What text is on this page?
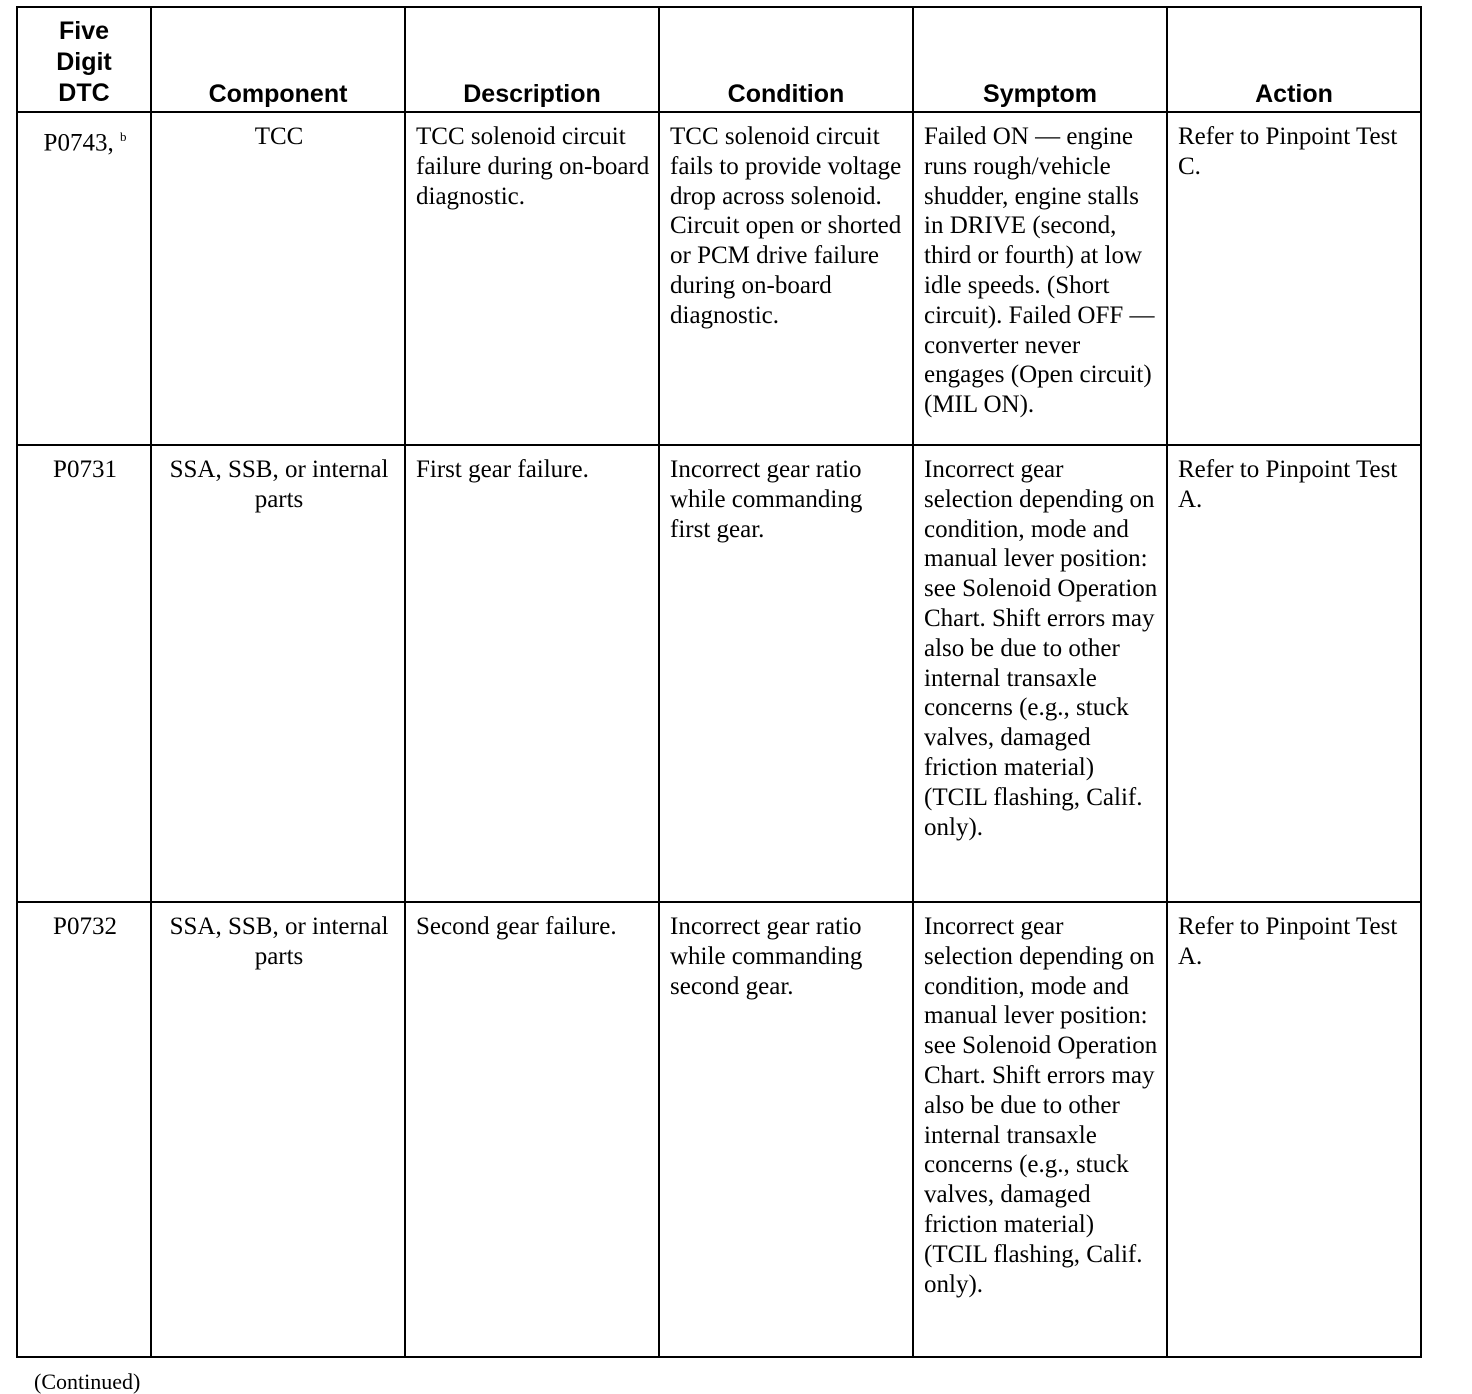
Five Digit DTC	Component	Description	Condition	Symptom	Action
P0743, $^b$	TCC	TCC solenoid circuit failure during on-board diagnostic.	TCC solenoid circuit fails to provide voltage drop across solenoid. Circuit open or shorted or PCM drive failure during on-board diagnostic.	Failed ON — engine runs rough/vehicle shudder, engine stalls in DRIVE (second, third or fourth) at low idle speeds. (Short circuit). Failed OFF — converter never engages (Open circuit) (MIL ON).	Refer to Pinpoint Test C.
P0731	SSA, SSB, or internal parts	First gear failure.	Incorrect gear ratio while commanding first gear.	Incorrect gear selection depending on condition, mode and manual lever position: see Solenoid Operation Chart. Shift errors may also be due to other internal transaxle concerns (e.g., stuck valves, damaged friction material) (TCIL flashing, Calif. only).	Refer to Pinpoint Test A.
P0732	SSA, SSB, or internal parts	Second gear failure.	Incorrect gear ratio while commanding second gear.	Incorrect gear selection depending on condition, mode and manual lever position: see Solenoid Operation Chart. Shift errors may also be due to other internal transaxle concerns (e.g., stuck valves, damaged friction material) (TCIL flashing, Calif. only).	Refer to Pinpoint Test A.
(Continued)
